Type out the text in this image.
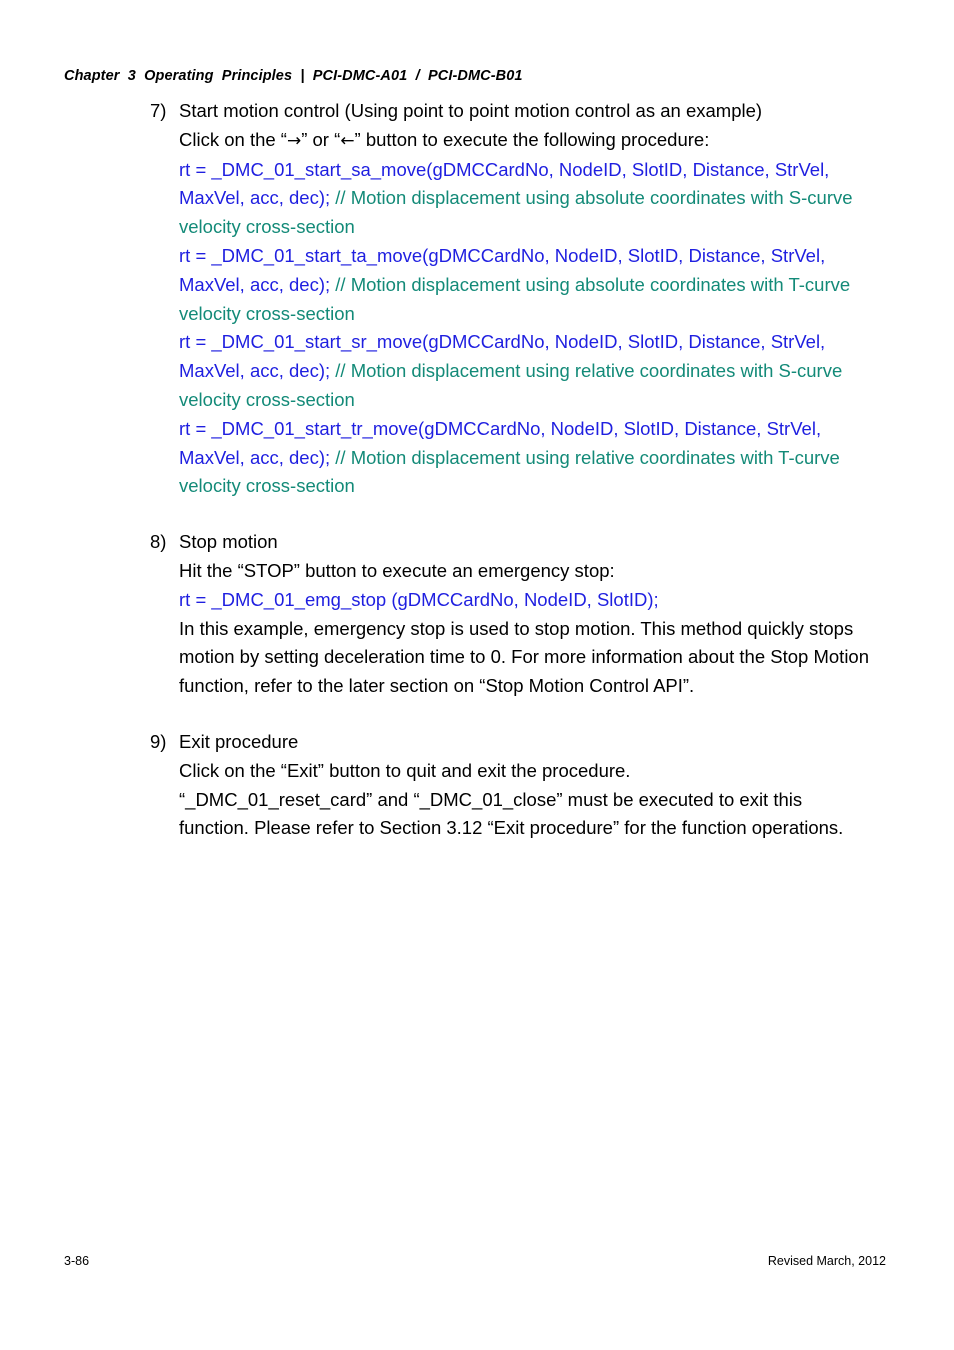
Chapter  3  Operating  Principles  |  PCI-DMC-A01  /  PCI-DMC-B01
7) Start motion control (Using point to point motion control as an example)
Click on the “→” or “←” button to execute the following procedure:
rt = _DMC_01_start_sa_move(gDMCCardNo, NodeID, SlotID, Distance, StrVel,
MaxVel, acc, dec); // Motion displacement using absolute coordinates with S-curve
velocity cross-section
rt = _DMC_01_start_ta_move(gDMCCardNo, NodeID, SlotID, Distance, StrVel,
MaxVel, acc, dec); // Motion displacement using absolute coordinates with T-curve
velocity cross-section
rt = _DMC_01_start_sr_move(gDMCCardNo, NodeID, SlotID, Distance, StrVel,
MaxVel, acc, dec); // Motion displacement using relative coordinates with S-curve
velocity cross-section
rt = _DMC_01_start_tr_move(gDMCCardNo, NodeID, SlotID, Distance, StrVel,
MaxVel, acc, dec); // Motion displacement using relative coordinates with T-curve
velocity cross-section
8) Stop motion
Hit the “STOP” button to execute an emergency stop:
rt = _DMC_01_emg_stop (gDMCCardNo, NodeID, SlotID);
In this example, emergency stop is used to stop motion. This method quickly stops
motion by setting deceleration time to 0. For more information about the Stop Motion
function, refer to the later section on “Stop Motion Control API”.
9) Exit procedure
Click on the “Exit” button to quit and exit the procedure.
“_DMC_01_reset_card” and “_DMC_01_close” must be executed to exit this
function. Please refer to Section 3.12 “Exit procedure” for the function operations.
3-86	Revised March, 2012
